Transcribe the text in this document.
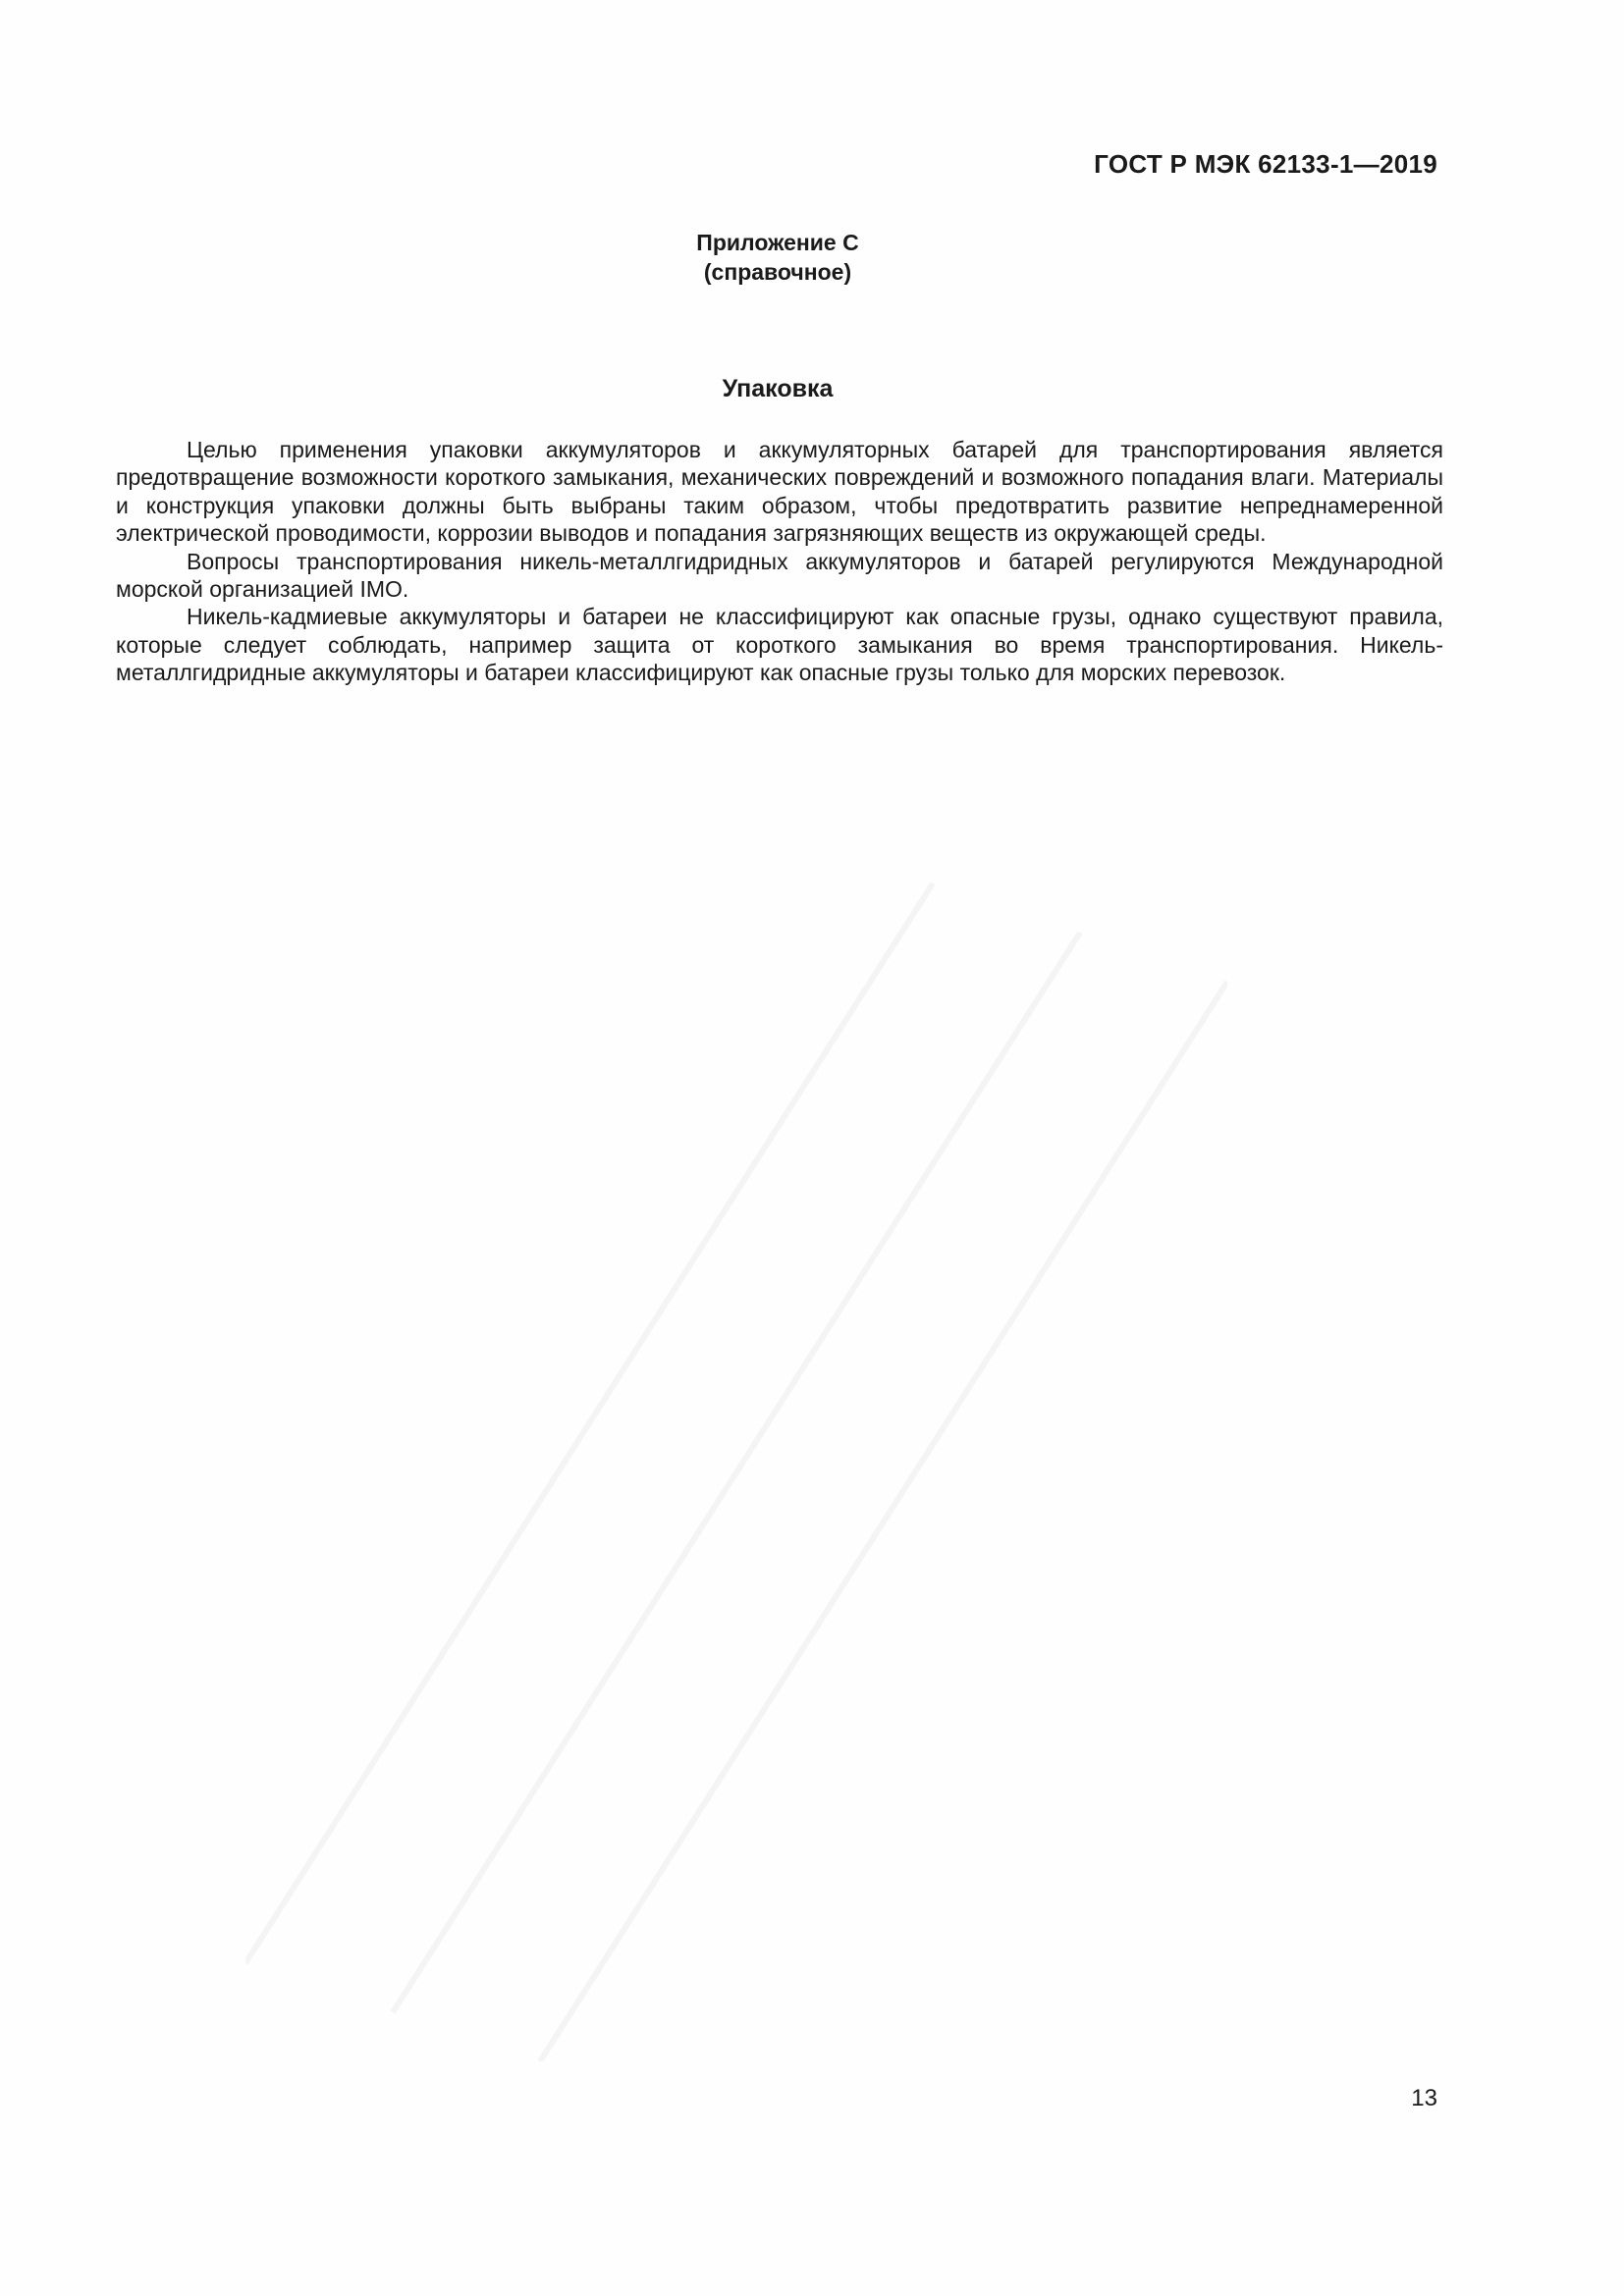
ГОСТ Р МЭК 62133-1—2019
Приложение С
(справочное)
Упаковка

Целью применения упаковки аккумуляторов и аккумуляторных батарей для транспортирования является предотвращение возможности короткого замыкания, механических повреждений и возможного попадания влаги. Материалы и конструкция упаковки должны быть выбраны таким образом, чтобы предотвратить развитие непреднамеренной электрической проводимости, коррозии выводов и попадания загрязняющих веществ из окружающей среды.

Вопросы транспортирования никель-металлгидридных аккумуляторов и батарей регулируются Международной морской организацией IMO.

Никель-кадмиевые аккумуляторы и батареи не классифицируют как опасные грузы, однако существуют правила, которые следует соблюдать, например защита от короткого замыкания во время транспортирования. Никель-металлгидридные аккумуляторы и батареи классифицируют как опасные грузы только для морских перевозок.

13
